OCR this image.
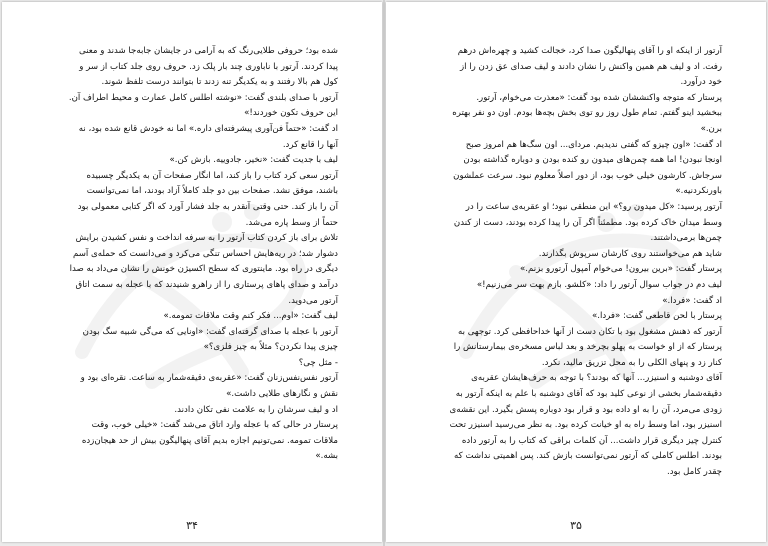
شده بود؛ حروفی طلایی‌رنگ که به آرامی در جایشان جابه‌جا شدند و معنی

پیدا کردند. آرتور با ناباوری چند بار پلک زد. حروف روی جلد کتاب از سر و

کول هم بالا رفتند و به یکدیگر تنه زدند تا بتوانند درست تلفظ شوند.

آرتور با صدای بلندی گفت: «نوشته اطلس کامل عمارت و محیط اطراف آن.

این حروف تکون خوردند!»

اد گفت: «حتماً فن‌آوری پیشرفته‌ای داره.» اما نه خودش قانع شده بود، نه

آنها را قانع کرد.

لیف با جدیت گفت: «نخیر، جادوییه. بازش کن.»

آرتور سعی کرد کتاب را باز کند، اما انگار صفحات آن به یکدیگر چسبیده

باشند، موفق نشد. صفحات بین دو جلد کاملاً آزاد بودند، اما نمی‌توانست

آن را باز کند. حتی وقتی آنقدر به جلد فشار آورد که اگر کتابی معمولی بود

حتماً از وسط پاره می‌شد.

تلاش برای باز کردن کتاب آرتور را به سرفه انداخت و نفس کشیدن برایش

دشوار شد؛ در ریه‌هایش احساس تنگی می‌کرد و می‌دانست که حمله‌ی آسم

دیگری در راه بود. ماینتوری که سطح اکسیژن خونش را نشان می‌داد به صدا

درآمد و صدای پاهای پرستاری را از راهرو شنیدند که با عجله به سمت اتاق

آرتور می‌دوید.

لیف گفت: «اوم... فکر کنم وقت ملاقات تمومه.»

آرتور با عجله با صدای گرفته‌ای گفت: «اونایی که می‌گی شبیه سگ بودن

چیزی پیدا نکردن؟ مثلاً به چیز فلزی؟»

- مثل چی؟

آرتور نفس‌نفس‌زنان گفت: «عقربه‌ی دقیقه‌شمار به ساعت. نقره‌ای بود و

نقش و نگارهای طلایی داشت.»

اد و لیف سرشان را به علامت نفی تکان دادند.

پرستار در حالی که با عجله وارد اتاق می‌شد گفت: «خیلی خوب، وقت

ملاقات تمومه. نمی‌تونیم اجازه بدیم آقای پنهالیگون بیش از حد هیجان‌زده

بشه.»

۳۴

آرتور از اینکه او را آقای پنهالیگون صدا کرد، خجالت کشید و چهره‌اش درهم

رفت. اد و لیف هم همین واکنش را نشان دادند و لیف صدای عق زدن را از

خود درآورد.

پرستار که متوجه واکنششان شده بود گفت: «معذرت می‌خوام، آرتور.

ببخشید اینو گفتم. تمام طول روز رو توی بخش بچه‌ها بودم. اون دو نفر بهتره

برن.»

اد گفت: «اون چیزو که گفتی ندیدیم. مردای... اون سگ‌ها هم امروز صبح

اونجا نبودن! اما همه چمن‌های میدون رو کنده بودن و دوباره گذاشته بودن

سرجاش. کارشون خیلی خوب بود، از دور اصلاً معلوم نبود. سرعت عملشون

باورنکردنیه.»

آرتور پرسید: «کل میدون رو؟» این منطقی نبود؛ او عقربه‌ی ساعت را در

وسط میدان خاک کرده بود. مطمئناً اگر آن را پیدا کرده بودند، دست از کندن

چمن‌ها برمی‌داشتند.

شاید هم می‌خواستند روی کارشان سرپوش بگذارند.

پرستار گفت: «برین بیرون! می‌خوام آمپول آرتورو بزنم.»

لیف دم در جواب سوال آرتور را داد: «کلشو. بازم بهت سر می‌زنیم!»

اد گفت: «فردا.»

پرستار با لحن قاطعی گفت: «فردا.»

آرتور که ذهنش مشغول بود با تکان دست از آنها خداحافظی کرد. توجهی به

پرستار که از او خواست به پهلو بچرخد و بعد لباس مسخره‌ی بیمارستانش را

کنار زد و پنهای الکلی را به محل تزریق مالید، نکرد.

آقای دوشنبه و اسنیزر... آنها که بودند؟ با توجه به حرف‌هایشان عقربه‌ی

دقیقه‌شمار بخشی از نوعی کلید بود که آقای دوشنبه با علم به اینکه آرتور به

زودی می‌مرد، آن را به او داده بود و قرار بود دوباره پسش بگیرد. این نقشه‌ی

اسنیزر بود، اما وسط راه به او خیانت کرده بود. به نظر می‌رسید اسنیزر تحت

کنترل چیز دیگری قرار داشت... آن کلمات براقی که کتاب را به آرتور داده

بودند. اطلس کاملی که آرتور نمی‌توانست بازش کند. پس اهمیتی نداشت که

چقدر کامل بود.

۳۵
